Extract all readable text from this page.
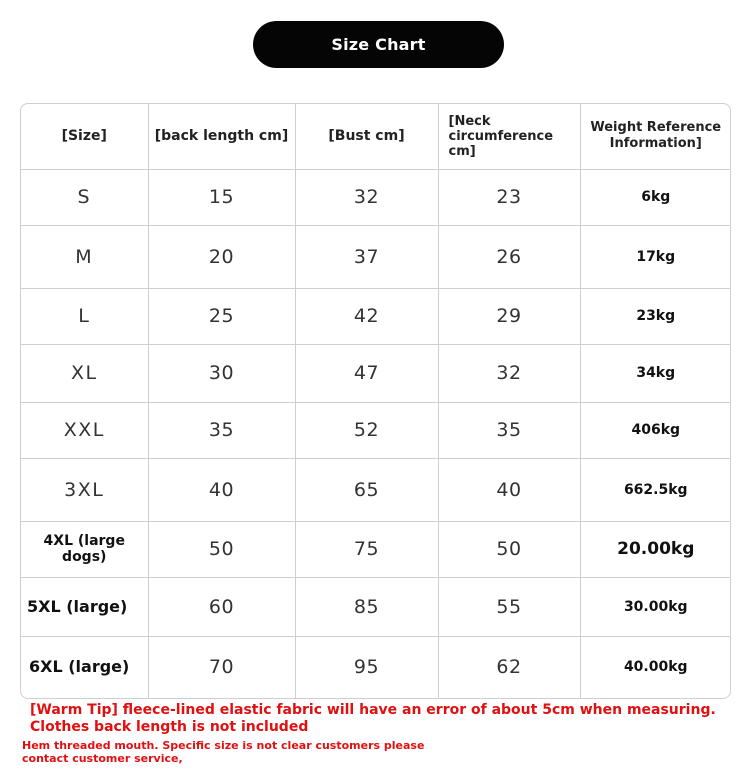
Size Chart
[Size]	[back length cm]	[Bust cm]	[Neck circumference cm]	Weight Reference Information]
S	15	32	23	6kg
M	20	37	26	17kg
L	25	42	29	23kg
XL	30	47	32	34kg
XXL	35	52	35	406kg
3XL	40	65	40	662.5kg
4XL (large dogs)	50	75	50	20.00kg
5XL (large)	60	85	55	30.00kg
6XL (large)	70	95	62	40.00kg
[Warm Tip] fleece-lined elastic fabric will have an error of about 5cm when measuring. Clothes back length is not included
Hem threaded mouth. Specific size is not clear customers please contact customer service,
